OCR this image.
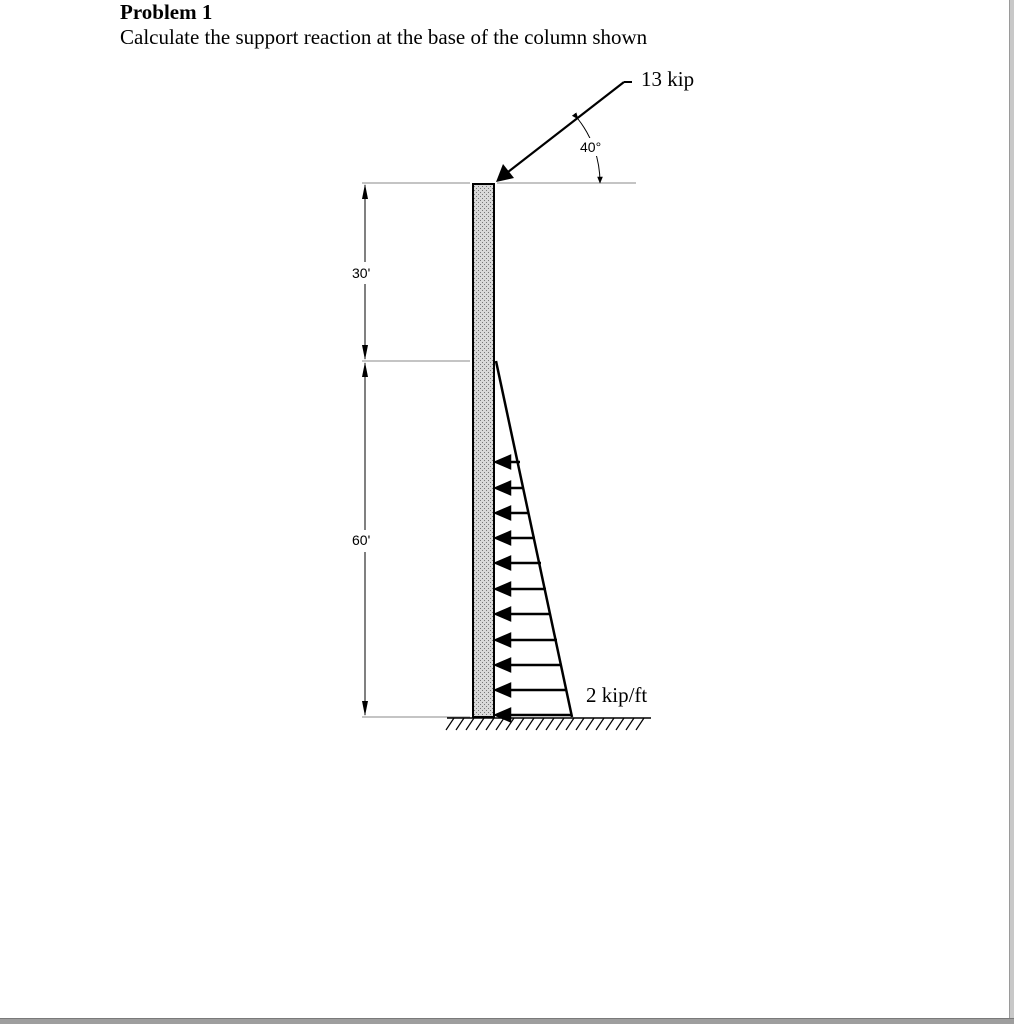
Problem 1
Calculate the support reaction at the base of the column shown
30'
60'
40°
13 kip
2 kip/ft
